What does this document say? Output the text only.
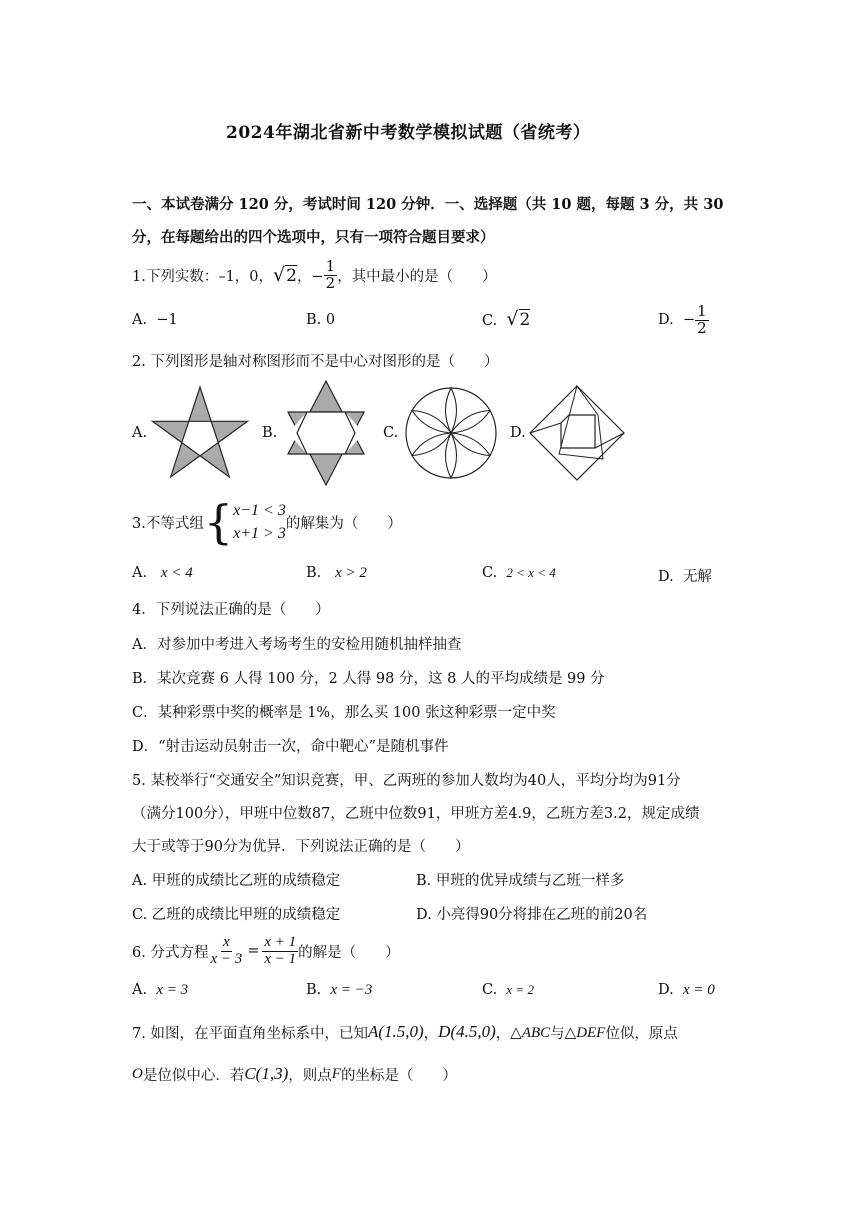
2024年湖北省新中考数学模拟试题（省统考）
一、本试卷满分 120 分，考试时间 120 分钟．一、选择题（共 10 题，每题 3 分，共 30
分，在每题给出的四个选项中，只有一项符合题目要求）
1.下列实数：–1，0， √2 ，− $\frac{1}{2}$ ，其中最小的是（　　）
A. −1	B. 0	C. √2	D.
− $\frac{1}{2}$
2. 下列图形是轴对称图形而不是中心对图形的是（　　）
A.	B.	C.	D.
3.不等式组 { x−1 < 3
x+1 > 3
的解集为（　　）
A. x < 4	B. x > 2	C. 2 < x < 4	D. 无解
4．下列说法正确的是（　　）
A．对参加中考进入考场考生的安检用随机抽样抽查
B．某次竞赛 6 人得 100 分，2 人得 98 分，这 8 人的平均成绩是 99 分
C．某种彩票中奖的概率是 1%，那么买 100 张这种彩票一定中奖
D．“射击运动员射击一次，命中靶心”是随机事件
5. 某校举行“交通安全”知识竞赛，甲、乙两班的参加人数均为40人，平均分均为91分
（满分100分），甲班中位数87，乙班中位数91，甲班方差4.9，乙班方差3.2，规定成绩
大于或等于90分为优异．下列说法正确的是（　　）
A. 甲班的成绩比乙班的成绩稳定	B. 甲班的优异成绩与乙班一样多
C. 乙班的成绩比甲班的成绩稳定	D. 小亮得90分将排在乙班的前20名
6. 分式方程 $\frac{x}{x - 3} = \frac{x + 1}{x - 1}$ 的解是（　　）
A. x = 3	B. x = −3	C. x = 2	D. x = 0
7. 如图，在平面直角坐标系中，已知 A(1.5,0) ， D(4.5,0) ， △ABC 与 △DEF 位似，原点
O 是位似中心．若 C(1,3) ，则点 F 的坐标是（　　）
